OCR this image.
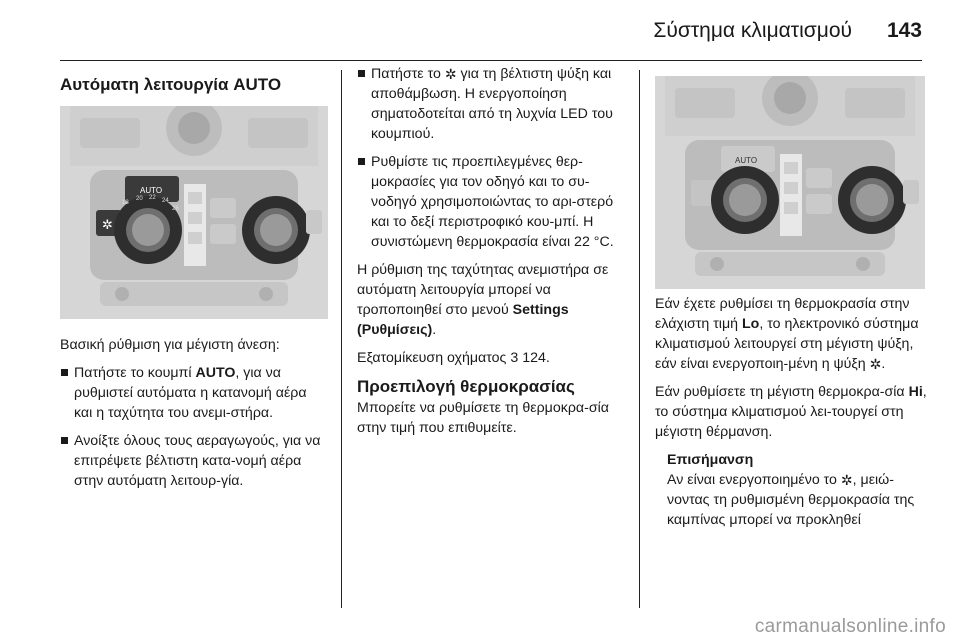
Σύστημα κλιματισμού 143
Αυτόματη λειτουργία AUTO
AUTO
✲
18
20 22 24
26

Βασική ρύθμιση για μέγιστη άνεση:

Πατήστε το κουμπί AUTO, για να ρυθμιστεί αυτόματα η κατανομή αέρα και η ταχύτητα του ανεμι-στήρα.
Ανοίξτε όλους τους αεραγωγούς, για να επιτρέψετε βέλτιστη κατα-νομή αέρα στην αυτόματη λειτουρ-γία.
Πατήστε το ✲ για τη βέλτιστη ψύξη και αποθάμβωση. Η ενεργοποίηση σηματοδοτείται από τη λυχνία LED του κουμπιού.
Ρυθμίστε τις προεπιλεγμένες θερ-μοκρασίες για τον οδηγό και το συ-νοδηγό χρησιμοποιώντας το αρι-στερό και το δεξί περιστροφικό κου-μπί. Η συνιστώμενη θερμοκρασία είναι 22 °C.

Η ρύθμιση της ταχύτητας ανεμιστήρα σε αυτόματη λειτουργία μπορεί να τροποποιηθεί στο μενού Settings (Ρυθμίσεις).

Εξατομίκευση οχήματος 3 124.

Προεπιλογή θερμοκρασίας

Μπορείτε να ρυθμίσετε τη θερμοκρα-σία στην τιμή που επιθυμείτε.

AUTO

Εάν έχετε ρυθμίσει τη θερμοκρασία στην ελάχιστη τιμή Lo, το ηλεκτρονικό σύστημα κλιματισμού λειτουργεί στη μέγιστη ψύξη, εάν είναι ενεργοποιη-μένη η ψύξη ✲.

Εάν ρυθμίσετε τη μέγιστη θερμοκρα-σία Hi, το σύστημα κλιματισμού λει-τουργεί στη μέγιστη θέρμανση.

Επισήμανση
Αν είναι ενεργοποιημένο το ✲, μειώ-νοντας τη ρυθμισμένη θερμοκρασία της καμπίνας μπορεί να προκληθεί
carmanualsonline.info
